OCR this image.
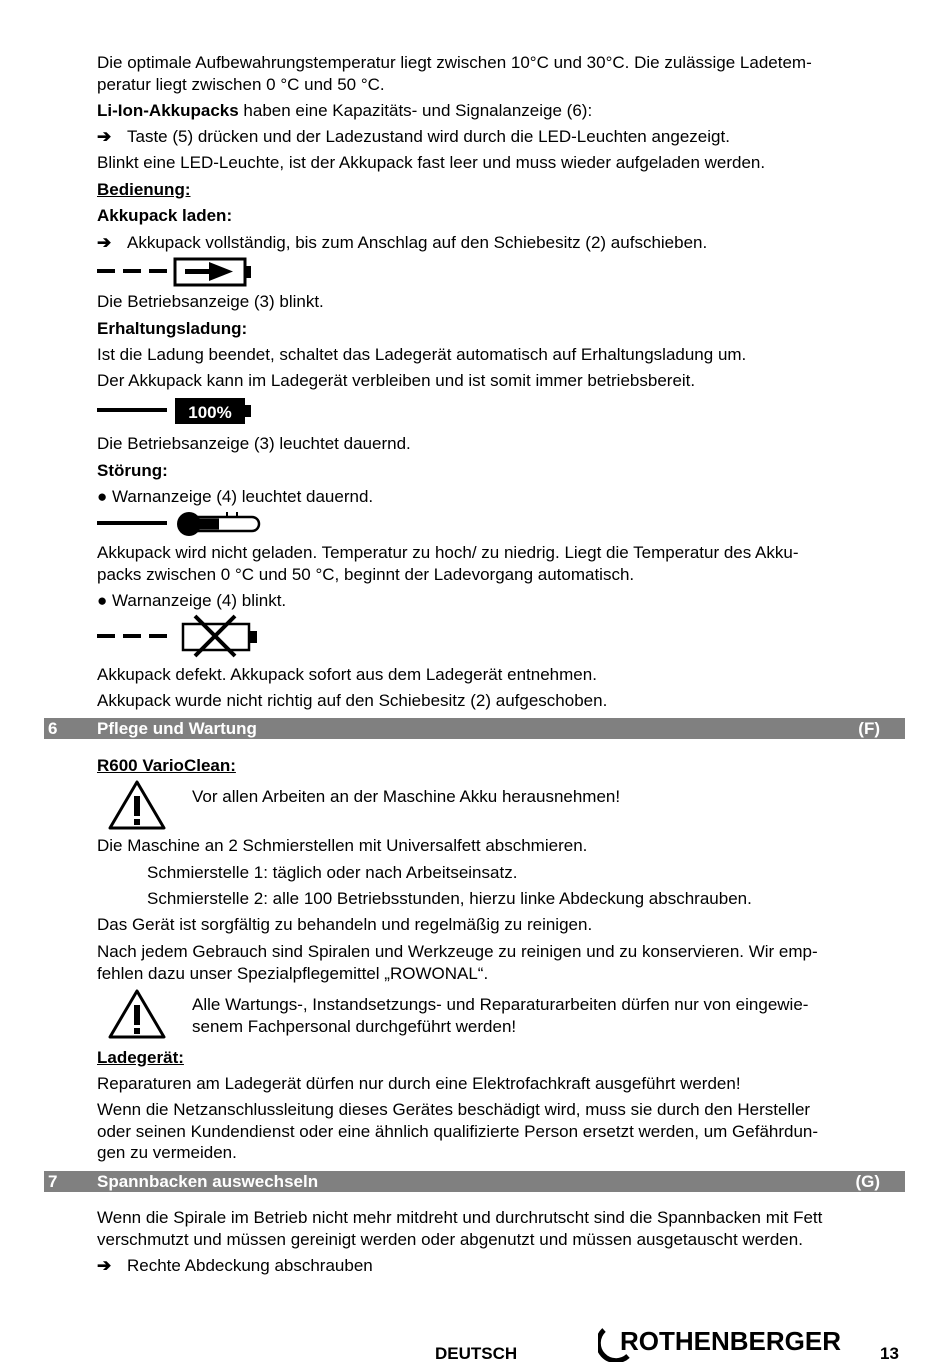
Die optimale Aufbewahrungstemperatur liegt zwischen 10°C und 30°C. Die zulässige Ladetem-
peratur liegt zwischen 0 °C und 50 °C.
Li-Ion-Akkupacks haben eine Kapazitäts- und Signalanzeige (6):
➔ Taste (5) drücken und der Ladezustand wird durch die LED-Leuchten angezeigt.
Blinkt eine LED-Leuchte, ist der Akkupack fast leer und muss wieder aufgeladen werden.
Bedienung:
Akkupack laden:
➔ Akkupack vollständig, bis zum Anschlag auf den Schiebesitz (2) aufschieben.
Die Betriebsanzeige (3) blinkt.
Erhaltungsladung:
Ist die Ladung beendet, schaltet das Ladegerät automatisch auf Erhaltungsladung um.
Der Akkupack kann im Ladegerät verbleiben und ist somit immer betriebsbereit.
100%
Die Betriebsanzeige (3) leuchtet dauernd.
Störung:
● Warnanzeige (4) leuchtet dauernd.
Akkupack wird nicht geladen. Temperatur zu hoch/ zu niedrig. Liegt die Temperatur des Akku-
packs zwischen 0 °C und 50 °C, beginnt der Ladevorgang automatisch.
● Warnanzeige (4) blinkt.
Akkupack defekt. Akkupack sofort aus dem Ladegerät entnehmen.
Akkupack wurde nicht richtig auf den Schiebesitz (2) aufgeschoben.
6 Pflege und Wartung	(F)
R600 VarioClean:
Vor allen Arbeiten an der Maschine Akku herausnehmen!
Die Maschine an 2 Schmierstellen mit Universalfett abschmieren.
Schmierstelle 1: täglich oder nach Arbeitseinsatz.
Schmierstelle 2: alle 100 Betriebsstunden, hierzu linke Abdeckung abschrauben.
Das Gerät ist sorgfältig zu behandeln und regelmäßig zu reinigen.
Nach jedem Gebrauch sind Spiralen und Werkzeuge zu reinigen und zu konservieren. Wir emp-
fehlen dazu unser Spezialpflegemittel „ROWONAL“.
Alle Wartungs-, Instandsetzungs- und Reparaturarbeiten dürfen nur von eingewie-
senem Fachpersonal durchgeführt werden!
Ladegerät:
Reparaturen am Ladegerät dürfen nur durch eine Elektrofachkraft ausgeführt werden!
Wenn die Netzanschlussleitung dieses Gerätes beschädigt wird, muss sie durch den Hersteller
oder seinen Kundendienst oder eine ähnlich qualifizierte Person ersetzt werden, um Gefährdun-
gen zu vermeiden.
7 Spannbacken auswechseln	(G)
Wenn die Spirale im Betrieb nicht mehr mitdreht und durchrutscht sind die Spannbacken mit Fett
verschmutzt und müssen gereinigt werden oder abgenutzt und müssen ausgetauscht werden.
➔ Rechte Abdeckung abschrauben
DEUTSCH	ROTHENBERGER 13
